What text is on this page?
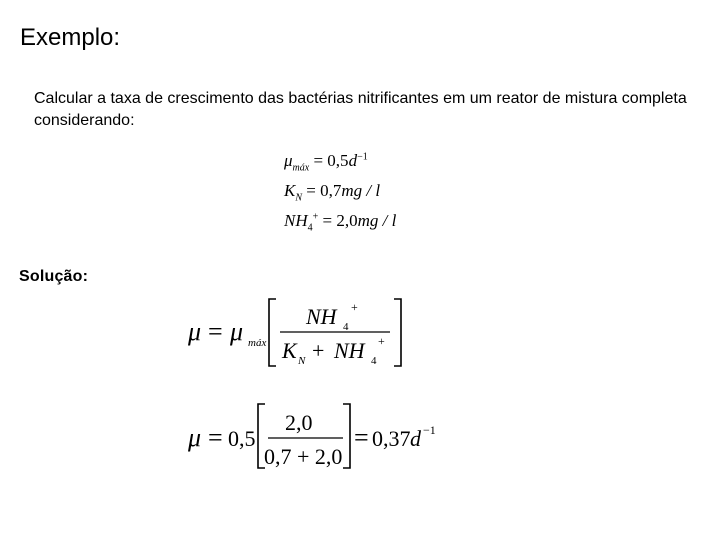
Exemplo:
Calcular a taxa de crescimento das bactérias nitrificantes em um reator de mistura completa considerando:
$\mu_{máx} = 0,5d^{-1}$
$K_N = 0,7mg / l$
$NH_4^+ = 2,0mg / l$
Solução:
μ = μ máx
NH 4
+
K N + NH 4
+
μ = 0,5
2,0
0,7 + 2,0
= 0,37 d −1
